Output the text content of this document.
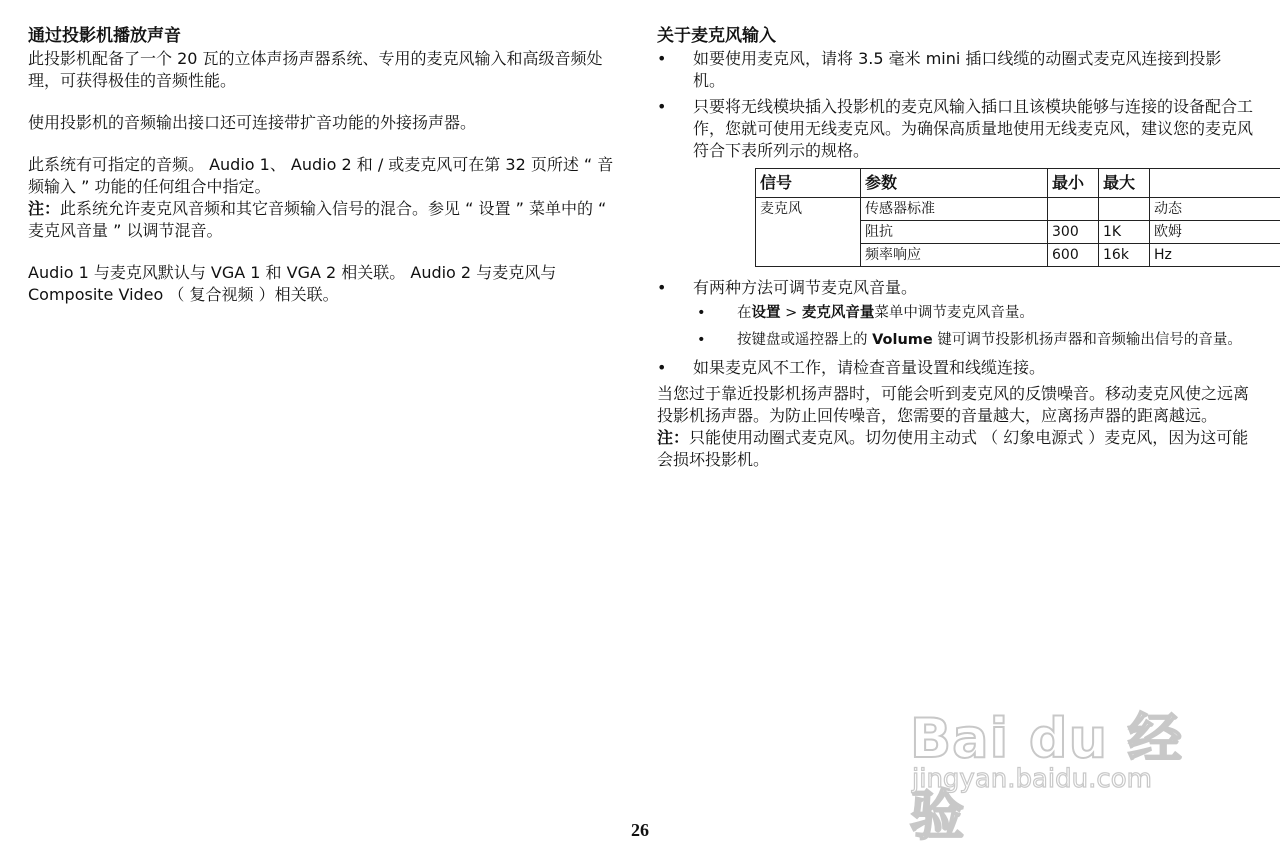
通过投影机播放声音

此投影机配备了一个 20 瓦的立体声扬声器系统、专用的麦克风输入和高级音频处理，可获得极佳的音频性能。

使用投影机的音频输出接口还可连接带扩音功能的外接扬声器。

此系统有可指定的音频。 Audio 1、 Audio 2 和 / 或麦克风可在第 32 页所述 “ 音频输入 ” 功能的任何组合中指定。

注：此系统允许麦克风音频和其它音频输入信号的混合。参见 “ 设置 ” 菜单中的 “ 麦克风音量 ” 以调节混音。

Audio 1 与麦克风默认与 VGA 1 和 VGA 2 相关联。 Audio 2 与麦克风与 Composite Video （ 复合视频 ）相关联。

关于麦克风输入
• 如要使用麦克风，请将 3.5 毫米 mini 插口线缆的动圈式麦克风连接到投影机。
• 只要将无线模块插入投影机的麦克风输入插口且该模块能够与连接的设备配合工作，您就可使用无线麦克风。为确保高质量地使用无线麦克风，建议您的麦克风符合下表所列示的规格。
信号	参数	最小	最大	
麦克风	传感器标准			动态
	阻抗	300	1K	欧姆
	频率响应	600	16k	Hz
• 有两种方法可调节麦克风音量。
• 在设置 > 麦克风音量菜单中调节麦克风音量。
• 按键盘或遥控器上的 Volume 键可调节投影机扬声器和音频输出信号的音量。
• 如果麦克风不工作，请检查音量设置和线缆连接。

当您过于靠近投影机扬声器时，可能会听到麦克风的反馈噪音。移动麦克风使之远离投影机扬声器。为防止回传噪音，您需要的音量越大，应离扬声器的距离越远。

注：只能使用动圈式麦克风。切勿使用主动式 （ 幻象电源式 ）麦克风，因为这可能会损坏投影机。

Bai du 经验
jingyan.baidu.com
26
